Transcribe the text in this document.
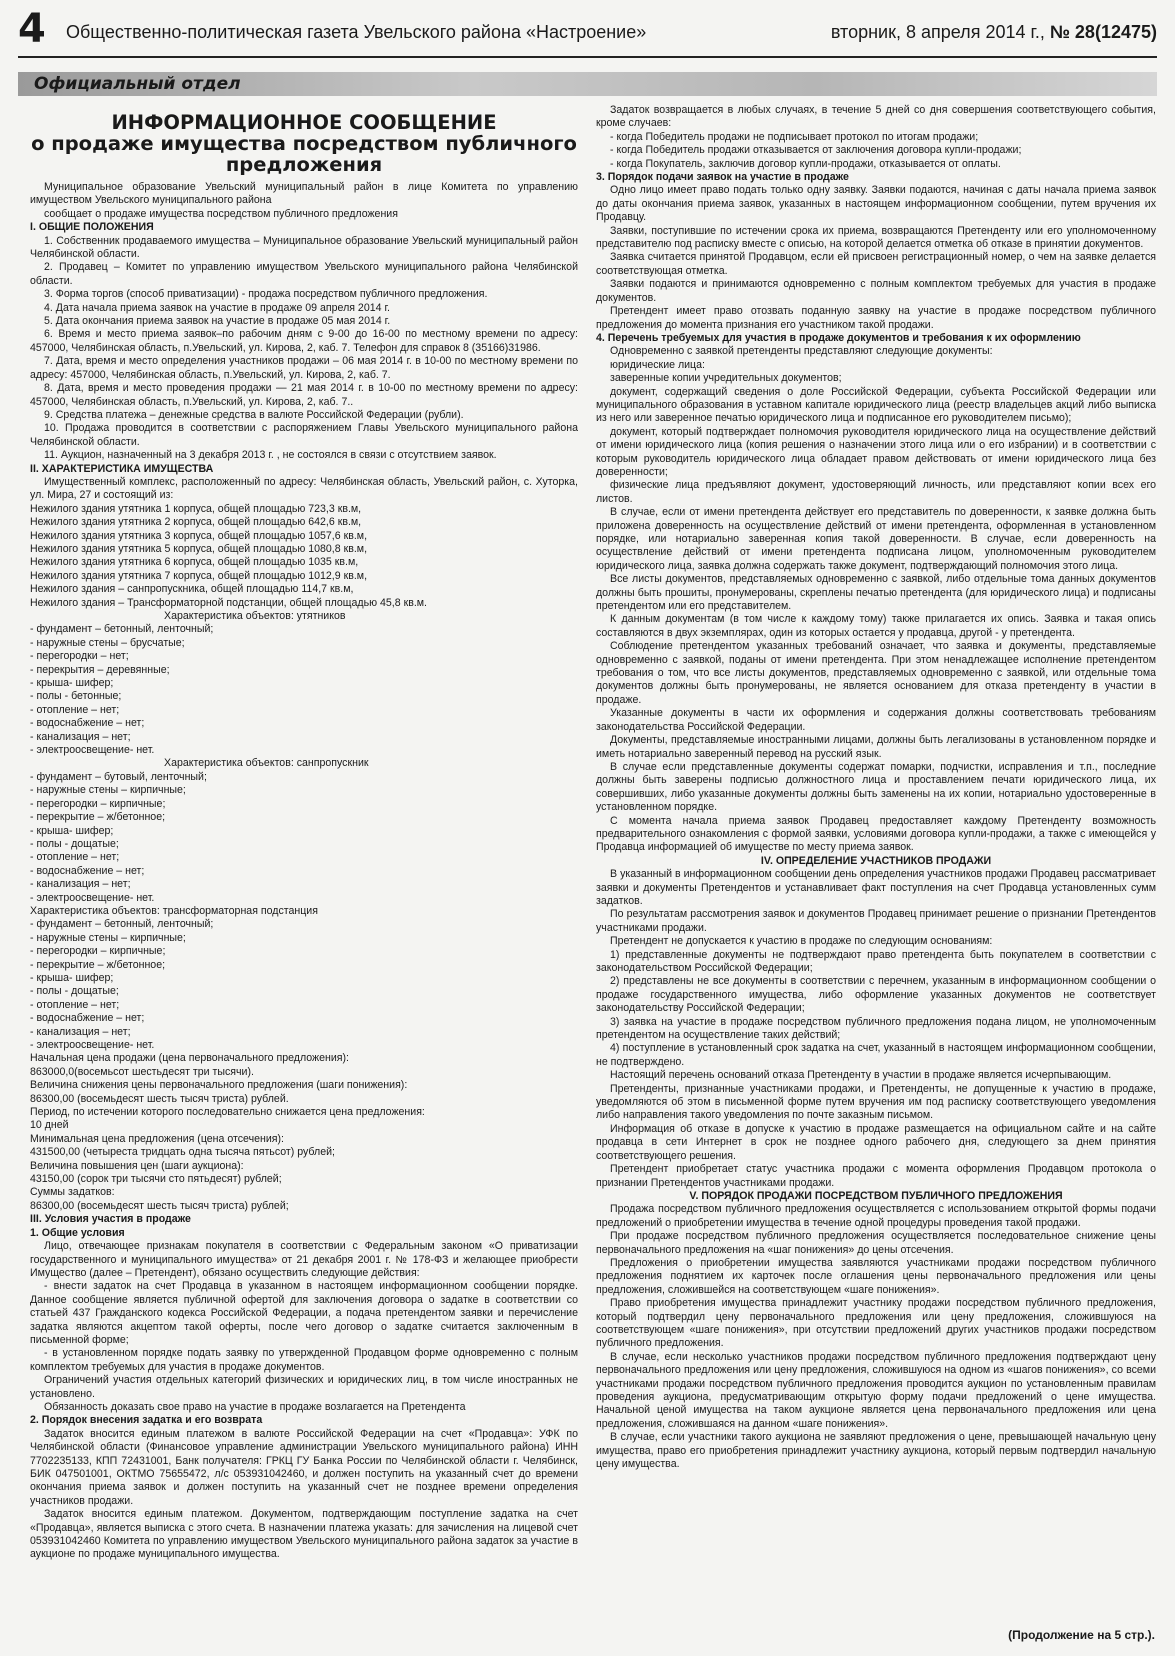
4 Общественно-политическая газета Увельского района «Настроение»	вторник, 8 апреля 2014 г., № 28(12475)
Официальный отдел
ИНФОРМАЦИОННОЕ СООБЩЕНИЕ
о продаже имущества посредством публичного предложения

Муниципальное образование Увельский муниципальный район в лице Комитета по управлению имуществом Увельского муниципального района

сообщает о продаже имущества посредством публичного предложения

I. ОБЩИЕ ПОЛОЖЕНИЯ

1. Собственник продаваемого имущества – Муниципальное образование Увельский муниципальный район Челябинской области.

2. Продавец – Комитет по управлению имуществом Увельского муниципального района Челябинской области.

3. Форма торгов (способ приватизации) - продажа посредством публичного предложения.

4. Дата начала приема заявок на участие в продаже 09 апреля 2014 г.

5. Дата окончания приема заявок на участие в продаже 05 мая 2014 г.

6. Время и место приема заявок–по рабочим дням с 9-00 до 16-00 по местному времени по адресу: 457000, Челябинская область, п.Увельский, ул. Кирова, 2, каб. 7. Телефон для справок 8 (35166)31986.

7. Дата, время и место определения участников продажи – 06 мая 2014 г. в 10-00 по местному времени по адресу: 457000, Челябинская область, п.Увельский, ул. Кирова, 2, каб. 7.

8. Дата, время и место проведения продажи — 21 мая 2014 г. в 10-00 по местному времени по адресу: 457000, Челябинская область, п.Увельский, ул. Кирова, 2, каб. 7..

9. Средства платежа – денежные средства в валюте Российской Федерации (рубли).

10. Продажа проводится в соответствии с распоряжением Главы Увельского муниципального района Челябинской области.

11. Аукцион, назначенный на 3 декабря 2013 г. , не состоялся в связи с отсутствием заявок.

II. ХАРАКТЕРИСТИКА ИМУЩЕСТВА

Имущественный комплекс, расположенный по адресу: Челябинская область, Увельский район, с. Хуторка, ул. Мира, 27 и состоящий из:

Нежилого здания утятника 1 корпуса, общей площадью 723,3 кв.м,

Нежилого здания утятника 2 корпуса, общей площадью 642,6 кв.м,

Нежилого здания утятника 3 корпуса, общей площадью 1057,6 кв.м,

Нежилого здания утятника 5 корпуса, общей площадью 1080,8 кв.м,

Нежилого здания утятника 6 корпуса, общей площадью 1035 кв.м,

Нежилого здания утятника 7 корпуса, общей площадью 1012,9 кв.м,

Нежилого здания – санпропускника, общей площадью 114,7 кв.м,

Нежилого здания – Трансформаторной подстанции, общей площадью 45,8 кв.м.

Характеристика объектов: утятников

- фундамент – бетонный, ленточный;

- наружные стены – брусчатые;

- перегородки – нет;

- перекрытия – деревянные;

- крыша- шифер;

- полы - бетонные;

- отопление – нет;

- водоснабжение – нет;

- канализация – нет;

- электроосвещение- нет.

Характеристика объектов: санпропускник

- фундамент – бутовый, ленточный;

- наружные стены – кирпичные;

- перегородки – кирпичные;

- перекрытие – ж/бетонное;

- крыша- шифер;

- полы - дощатые;

- отопление – нет;

- водоснабжение – нет;

- канализация – нет;

- электроосвещение- нет.

Характеристика объектов: трансформаторная подстанция

- фундамент – бетонный, ленточный;

- наружные стены – кирпичные;

- перегородки – кирпичные;

- перекрытие – ж/бетонное;

- крыша- шифер;

- полы - дощатые;

- отопление – нет;

- водоснабжение – нет;

- канализация – нет;

- электроосвещение- нет.

Начальная цена продажи (цена первоначального предложения):

863000,0(восемьсот шестьдесят три тысячи).

Величина снижения цены первоначального предложения (шаги понижения):

86300,00 (восемьдесят шесть тысяч триста) рублей.

Период, по истечении которого последовательно снижается цена предложения:

10 дней

Минимальная цена предложения (цена отсечения):

431500,00 (четыреста тридцать одна тысяча пятьсот) рублей;

Величина повышения цен (шаги аукциона):

43150,00 (сорок три тысячи сто пятьдесят) рублей;

Суммы задатков:

86300,00 (восемьдесят шесть тысяч триста) рублей;

III. Условия участия в продаже

1. Общие условия

Лицо, отвечающее признакам покупателя в соответствии с Федеральным законом «О приватизации государственного и муниципального имущества» от 21 декабря 2001 г. № 178-ФЗ и желающее приобрести Имущество (далее – Претендент), обязано осуществить следующие действия:

- внести задаток на счет Продавца в указанном в настоящем информационном сообщении порядке. Данное сообщение является публичной офертой для заключения договора о задатке в соответствии со статьей 437 Гражданского кодекса Российской Федерации, а подача претендентом заявки и перечисление задатка являются акцептом такой оферты, после чего договор о задатке считается заключенным в письменной форме;

- в установленном порядке подать заявку по утвержденной Продавцом форме одновременно с полным комплектом требуемых для участия в продаже документов.

Ограничений участия отдельных категорий физических и юридических лиц, в том числе иностранных не установлено.

Обязанность доказать свое право на участие в продаже возлагается на Претендента

2. Порядок внесения задатка и его возврата

Задаток вносится единым платежом в валюте Российской Федерации на счет «Продавца»: УФК по Челябинской области (Финансовое управление администрации Увельского муниципального района) ИНН 7702235133, КПП 72431001, Банк получателя: ГРКЦ ГУ Банка России по Челябинской области г. Челябинск, БИК 047501001, ОКТМО 75655472, л/с 053931042460, и должен поступить на указанный счет до времени окончания приема заявок и должен поступить на указанный счет не позднее времени определения участников продажи.

Задаток вносится единым платежом. Документом, подтверждающим поступление задатка на счет «Продавца», является выписка с этого счета. В назначении платежа указать: для зачисления на лицевой счет 053931042460 Комитета по управлению имуществом Увельского муниципального района задаток за участие в аукционе по продаже муниципального имущества.

Задаток возвращается в любых случаях, в течение 5 дней со дня совершения соответствующего события, кроме случаев:

- когда Победитель продажи не подписывает протокол по итогам продажи;

- когда Победитель продажи отказывается от заключения договора купли-продажи;

- когда Покупатель, заключив договор купли-продажи, отказывается от оплаты.

3. Порядок подачи заявок на участие в продаже

Одно лицо имеет право подать только одну заявку. Заявки подаются, начиная с даты начала приема заявок до даты окончания приема заявок, указанных в настоящем информационном сообщении, путем вручения их Продавцу.

Заявки, поступившие по истечении срока их приема, возвращаются Претенденту или его уполномоченному представителю под расписку вместе с описью, на которой делается отметка об отказе в принятии документов.

Заявка считается принятой Продавцом, если ей присвоен регистрационный номер, о чем на заявке делается соответствующая отметка.

Заявки подаются и принимаются одновременно с полным комплектом требуемых для участия в продаже документов.

Претендент имеет право отозвать поданную заявку на участие в продаже посредством публичного предложения до момента признания его участником такой продажи.

4. Перечень требуемых для участия в продаже документов и требования к их оформлению

Одновременно с заявкой претенденты представляют следующие документы:

юридические лица:

заверенные копии учредительных документов;

документ, содержащий сведения о доле Российской Федерации, субъекта Российской Федерации или муниципального образования в уставном капитале юридического лица (реестр владельцев акций либо выписка из него или заверенное печатью юридического лица и подписанное его руководителем письмо);

документ, который подтверждает полномочия руководителя юридического лица на осуществление действий от имени юридического лица (копия решения о назначении этого лица или о его избрании) и в соответствии с которым руководитель юридического лица обладает правом действовать от имени юридического лица без доверенности;

физические лица предъявляют документ, удостоверяющий личность, или представляют копии всех его листов.

В случае, если от имени претендента действует его представитель по доверенности, к заявке должна быть приложена доверенность на осуществление действий от имени претендента, оформленная в установленном порядке, или нотариально заверенная копия такой доверенности. В случае, если доверенность на осуществление действий от имени претендента подписана лицом, уполномоченным руководителем юридического лица, заявка должна содержать также документ, подтверждающий полномочия этого лица.

Все листы документов, представляемых одновременно с заявкой, либо отдельные тома данных документов должны быть прошиты, пронумерованы, скреплены печатью претендента (для юридического лица) и подписаны претендентом или его представителем.

К данным документам (в том числе к каждому тому) также прилагается их опись. Заявка и такая опись составляются в двух экземплярах, один из которых остается у продавца, другой - у претендента.

Соблюдение претендентом указанных требований означает, что заявка и документы, представляемые одновременно с заявкой, поданы от имени претендента. При этом ненадлежащее исполнение претендентом требования о том, что все листы документов, представляемых одновременно с заявкой, или отдельные тома документов должны быть пронумерованы, не является основанием для отказа претенденту в участии в продаже.

Указанные документы в части их оформления и содержания должны соответствовать требованиям законодательства Российской Федерации.

Документы, представляемые иностранными лицами, должны быть легализованы в установленном порядке и иметь нотариально заверенный перевод на русский язык.

В случае если представленные документы содержат помарки, подчистки, исправления и т.п., последние должны быть заверены подписью должностного лица и проставлением печати юридического лица, их совершивших, либо указанные документы должны быть заменены на их копии, нотариально удостоверенные в установленном порядке.

С момента начала приема заявок Продавец предоставляет каждому Претенденту возможность предварительного ознакомления с формой заявки, условиями договора купли-продажи, а также с имеющейся у Продавца информацией об имуществе по месту приема заявок.

IV. ОПРЕДЕЛЕНИЕ УЧАСТНИКОВ ПРОДАЖИ

В указанный в информационном сообщении день определения участников продажи Продавец рассматривает заявки и документы Претендентов и устанавливает факт поступления на счет Продавца установленных сумм задатков.

По результатам рассмотрения заявок и документов Продавец принимает решение о признании Претендентов участниками продажи.

Претендент не допускается к участию в продаже по следующим основаниям:

1) представленные документы не подтверждают право претендента быть покупателем в соответствии с законодательством Российской Федерации;

2) представлены не все документы в соответствии с перечнем, указанным в информационном сообщении о продаже государственного имущества, либо оформление указанных документов не соответствует законодательству Российской Федерации;

3) заявка на участие в продаже посредством публичного предложения подана лицом, не уполномоченным претендентом на осуществление таких действий;

4) поступление в установленный срок задатка на счет, указанный в настоящем информационном сообщении, не подтверждено.

Настоящий перечень оснований отказа Претенденту в участии в продаже является исчерпывающим.

Претенденты, признанные участниками продажи, и Претенденты, не допущенные к участию в продаже, уведомляются об этом в письменной форме путем вручения им под расписку соответствующего уведомления либо направления такого уведомления по почте заказным письмом.

Информация об отказе в допуске к участию в продаже размещается на официальном сайте и на сайте продавца в сети Интернет в срок не позднее одного рабочего дня, следующего за днем принятия соответствующего решения.

Претендент приобретает статус участника продажи с момента оформления Продавцом протокола о признании Претендентов участниками продажи.

V. ПОРЯДОК ПРОДАЖИ ПОСРЕДСТВОМ ПУБЛИЧНОГО ПРЕДЛОЖЕНИЯ

Продажа посредством публичного предложения осуществляется с использованием открытой формы подачи предложений о приобретении имущества в течение одной процедуры проведения такой продажи.

При продаже посредством публичного предложения осуществляется последовательное снижение цены первоначального предложения на «шаг понижения» до цены отсечения.

Предложения о приобретении имущества заявляются участниками продажи посредством публичного предложения поднятием их карточек после оглашения цены первоначального предложения или цены предложения, сложившейся на соответствующем «шаге понижения».

Право приобретения имущества принадлежит участнику продажи посредством публичного предложения, который подтвердил цену первоначального предложения или цену предложения, сложившуюся на соответствующем «шаге понижения», при отсутствии предложений других участников продажи посредством публичного предложения.

В случае, если несколько участников продажи посредством публичного предложения подтверждают цену первоначального предложения или цену предложения, сложившуюся на одном из «шагов понижения», со всеми участниками продажи посредством публичного предложения проводится аукцион по установленным правилам проведения аукциона, предусматривающим открытую форму подачи предложений о цене имущества. Начальной ценой имущества на таком аукционе является цена первоначального предложения или цена предложения, сложившаяся на данном «шаге понижения».

В случае, если участники такого аукциона не заявляют предложения о цене, превышающей начальную цену имущества, право его приобретения принадлежит участнику аукциона, который первым подтвердил начальную цену имущества.

(Продолжение на 5 стр.).
